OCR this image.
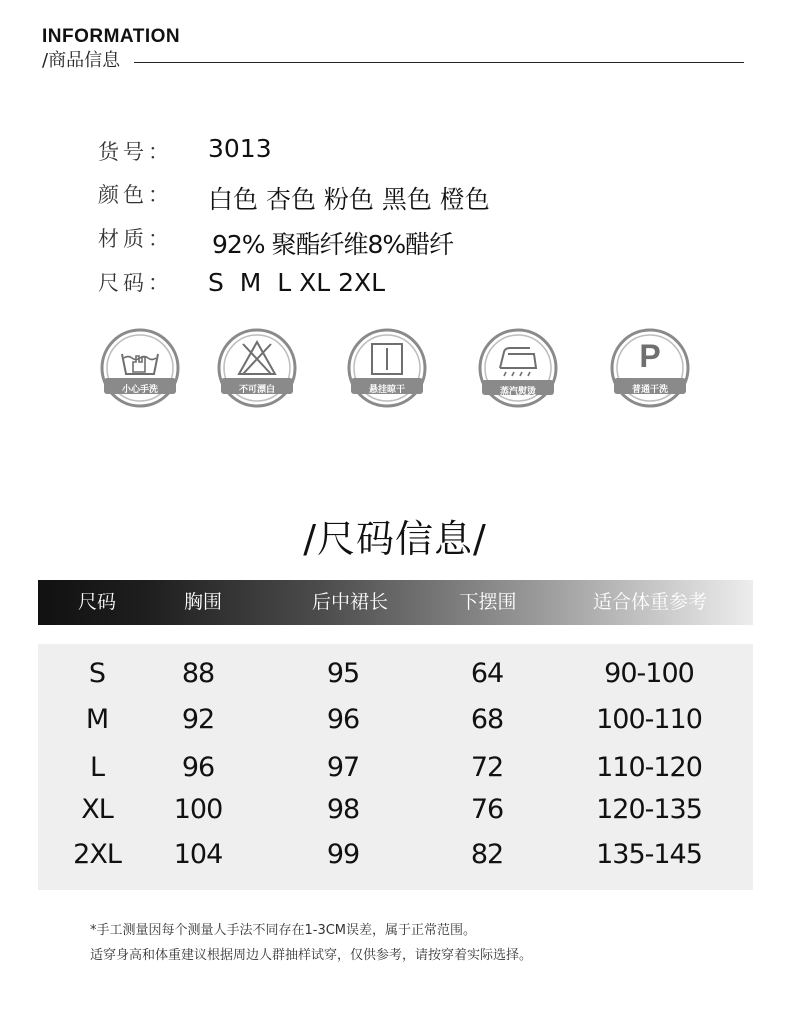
INFORMATION
/商品信息
货号： 3013
颜色： 白色 杏色 粉色 黑色 橙色
材质： 92% 聚酯纤维8%醋纤
尺码： S  M  L XL 2XL
小心手洗	不可漂白	悬挂晾干	蒸汽熨烫
P
普通干洗
/尺码信息/
尺码	胸围	后中裙长	下摆围	适合体重参考
S	88	95	64	90-100
M	92	96	68	100-110
L	96	97	72	110-120
XL 100	98	76	120-135
2XL 104	99	82	135-145
*手工测量因每个测量人手法不同存在1-3CM误差，属于正常范围。
适穿身高和体重建议根据周边人群抽样试穿，仅供参考，请按穿着实际选择。
